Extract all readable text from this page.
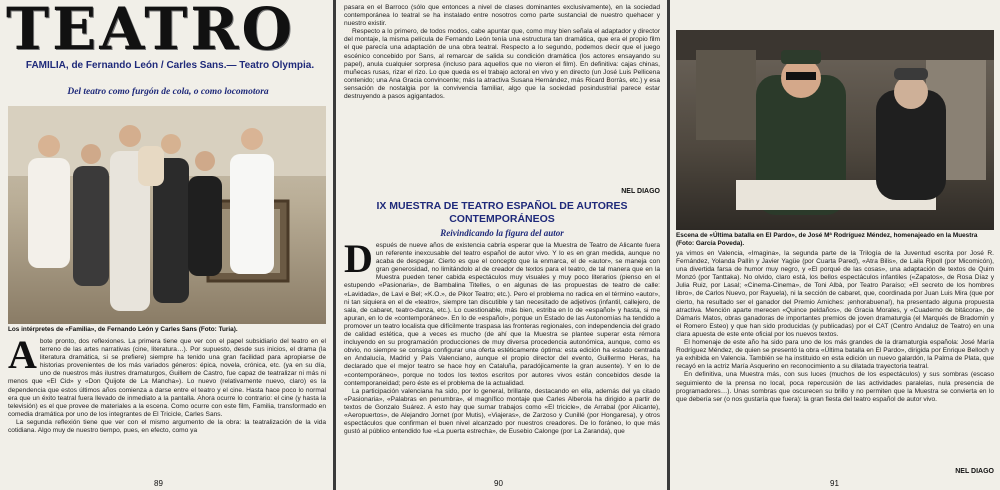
TEATRO
FAMILIA, de Fernando León / Carles Sans.— Teatro Olympia.
Del teatro como furgón de cola, o como locomotora
Los intérpretes de «Familia», de Fernando León y Carles Sans (Foto: Turia).
A bote pronto, dos reflexiones. La primera tiene que ver con el papel subsidiario del teatro en el terreno de las artes narrativas (cine, literatura…). Por supuesto, desde sus inicios, el drama (la literatura dramática, si se prefiere) siempre ha tenido una gran facilidad para apropiarse de historias provenientes de los más variados géneros: épica, novela, crónica, etc. (ya en su día, uno de nuestros más ilustres dramaturgos, Guillem de Castro, fue capaz de teatralizar ni más ni menos que «El Cid» y «Don Quijote de La Mancha»). Lo nuevo (relativamente nuevo, claro) es la dependencia que estos últimos años comienza a darse entre el teatro y el cine. Hasta hace poco lo normal era que un éxito teatral fuera llevado de inmediato a la pantalla. Ahora ocurre lo contrario: el cine (y hasta la televisión) es el que provee de materiales a la escena. Como ocurre con este film, Familia, transformado en comedia dramática por uno de los integrantes de El Tricicle, Carles Sans.
La segunda reflexión tiene que ver con el mismo argumento de la obra: la teatralización de la vida cotidiana. Algo muy de nuestro tiempo, pues, en efecto, como ya
89
pasara en el Barroco (sólo que entonces a nivel de clases dominantes exclusivamente), en la sociedad contemporánea lo teatral se ha instalado entre nosotros como parte sustancial de nuestro quehacer y nuestro existir.
Respecto a lo primero, de todos modos, cabe apuntar que, como muy bien señala el adaptador y director del montaje, la misma película de Fernando León tenía una estructura tan dramática, que era el propio film el que parecía una adaptación de una obra teatral. Respecto a lo segundo, podemos decir que el juego escénico concebido por Sans, al remarcar de salida su condición dramática (los actores ensayando su papel), anula cualquier sorpresa (incluso para aquellos que no vieron el film). En definitiva: cajas chinas, muñecas rusas, rizar el rizo. Lo que queda es el trabajo actoral en vivo y en directo (un José Luis Pellicena contenido; una Ana Gracia convincente; más la atractiva Susana Hernández, más Ricard Borràs, etc.) y esa sensación de nostalgia por la convivencia familiar, algo que la sociedad posindustrial parece estar destruyendo a pasos agigantados.
NEL DIAGO
IX MUESTRA DE TEATRO ESPAÑOL DE AUTORES CONTEMPORÁNEOS
Reivindicando la figura del autor
D espués de nueve años de existencia cabría esperar que la Muestra de Teatro de Alicante fuera un referente inexcusable del teatro español de autor vivo. Y lo es en gran medida, aunque no acaba de despegar. Cierto es que el concepto que la enmarca, el de «autor», se maneja con gran generosidad, no limitándolo al de creador de textos para el teatro, de tal manera que en la Muestra pueden tener cabida espectáculos muy visuales y muy poco literarios (pienso en el estupendo «Pasionaria», de Bambalina Titelles, o en algunas de las propuestas de teatro de calle: «Lavidada», de Lavi e Bel; «K.O.», de Pikor Teatro; etc.). Pero el problema no radica en el término «autor», ni tan siquiera en el de «teatro», siempre tan discutible y tan necesitado de adjetivos (infantil, callejero, de sala, de cabaret, teatro-danza, etc.). Lo cuestionable, más bien, estriba en lo de «español» y hasta, si me apuran, en lo de «contemporáneo». En lo de «español», porque un Estado de las Autonomías ha tendido a promover un teatro localista que difícilmente traspasa las fronteras regionales, con independencia del grado de calidad estética, que a veces es mucho (de ahí que la Muestra se plantee superar esta rémora incluyendo en su programación producciones de muy diversa procedencia autonómica, aunque, como es obvio, no siempre se consiga configurar una oferta estéticamente óptima: esta edición ha estado centrada en Andalucía, Madrid y País Valenciano, aunque el propio director del evento, Guillermo Heras, ha declarado que el mejor teatro se hace hoy en Cataluña, paradójicamente la gran ausente). Y en lo de «contemporáneo», porque no todos los textos escritos por autores vivos están concebidos desde la contemporaneidad; pero éste es el problema de la actualidad.
La participación valenciana ha sido, por lo general, brillante, destacando en ella, además del ya citado «Pasionaria», «Palabras en penumbra», el magnífico montaje que Carles Alberola ha dirigido a partir de textos de Gonzalo Suárez. A esto hay que sumar trabajos como «El tricicle», de Arrabal (por Alicante), «Aeropuertos», de Alejandro Jornet (por Mutis), «Viajeras», de Zarzoso y Cunillé (por Hongaresa), y otros espectáculos que confirman el buen nivel alcanzado por nuestros creadores. De lo foráneo, lo que más gustó al público entendido fue «La puerta estrecha», de Eusebio Calonge (por La Zaranda), que
90
Escena de «Última batalla en El Pardo», de José Mª Rodríguez Méndez, homenajeado en la Muestra (Foto: García Poveda).
ya vimos en Valencia, «Imagina», la segunda parte de la Trilogía de la Juventud escrita por José R. Fernández, Yolanda Pallín y Javier Yagüe (por Cuarta Pared), «Atra Bilis», de Laila Ripoll (por Micomicón), una divertida farsa de humor muy negro, y «El porqué de las cosas», una adaptación de textos de Quim Monzó (por Tanttaka). No olvido, claro está, los bellos espectáculos infantiles («Zapatos», de Rosa Díaz y Julia Ruiz, por Lasal; «Cinema-Cinema», de Toni Albà, por Teatro Paraíso; «El secreto de los hombres libro», de Carlos Nuevo, por Rayuela), ni la sección de cabaret, que, coordinada por Juan Luis Mira (que por cierto, ha resultado ser el ganador del Premio Arniches: ¡enhorabuena!), ha presentado alguna propuesta atractiva. Mención aparte merecen «Quince peldaños», de Gracia Morales, y «Cuaderno de bitácora», de Dámaris Matos, obras ganadoras de importantes premios de joven dramaturgia (el Marqués de Bradomín y el Romero Esteo) y que han sido producidas (y publicadas) por el CAT (Centro Andaluz de Teatro) en una clara apuesta de este ente oficial por los nuevos textos.
El homenaje de este año ha sido para uno de los más grandes de la dramaturgia española: José María Rodríguez Méndez, de quien se presentó la obra «Última batalla en El Pardo», dirigida por Enrique Belloch y ya exhibida en Valencia. También se ha instituido en esta edición un nuevo galardón, la Palma de Plata, que recayó en la actriz María Asquerino en reconocimiento a su dilatada trayectoria teatral.
En definitiva, una Muestra más, con sus luces (muchos de los espectáculos) y sus sombras (escaso seguimiento de la prensa no local, poca repercusión de las actividades paralelas, nula presencia de programadores…). Unas sombras que oscurecen su brillo y no permiten que la Muestra se convierta en lo que debería ser (o nos gustaría que fuera): la gran fiesta del teatro español de autor vivo.
NEL DIAGO
91
